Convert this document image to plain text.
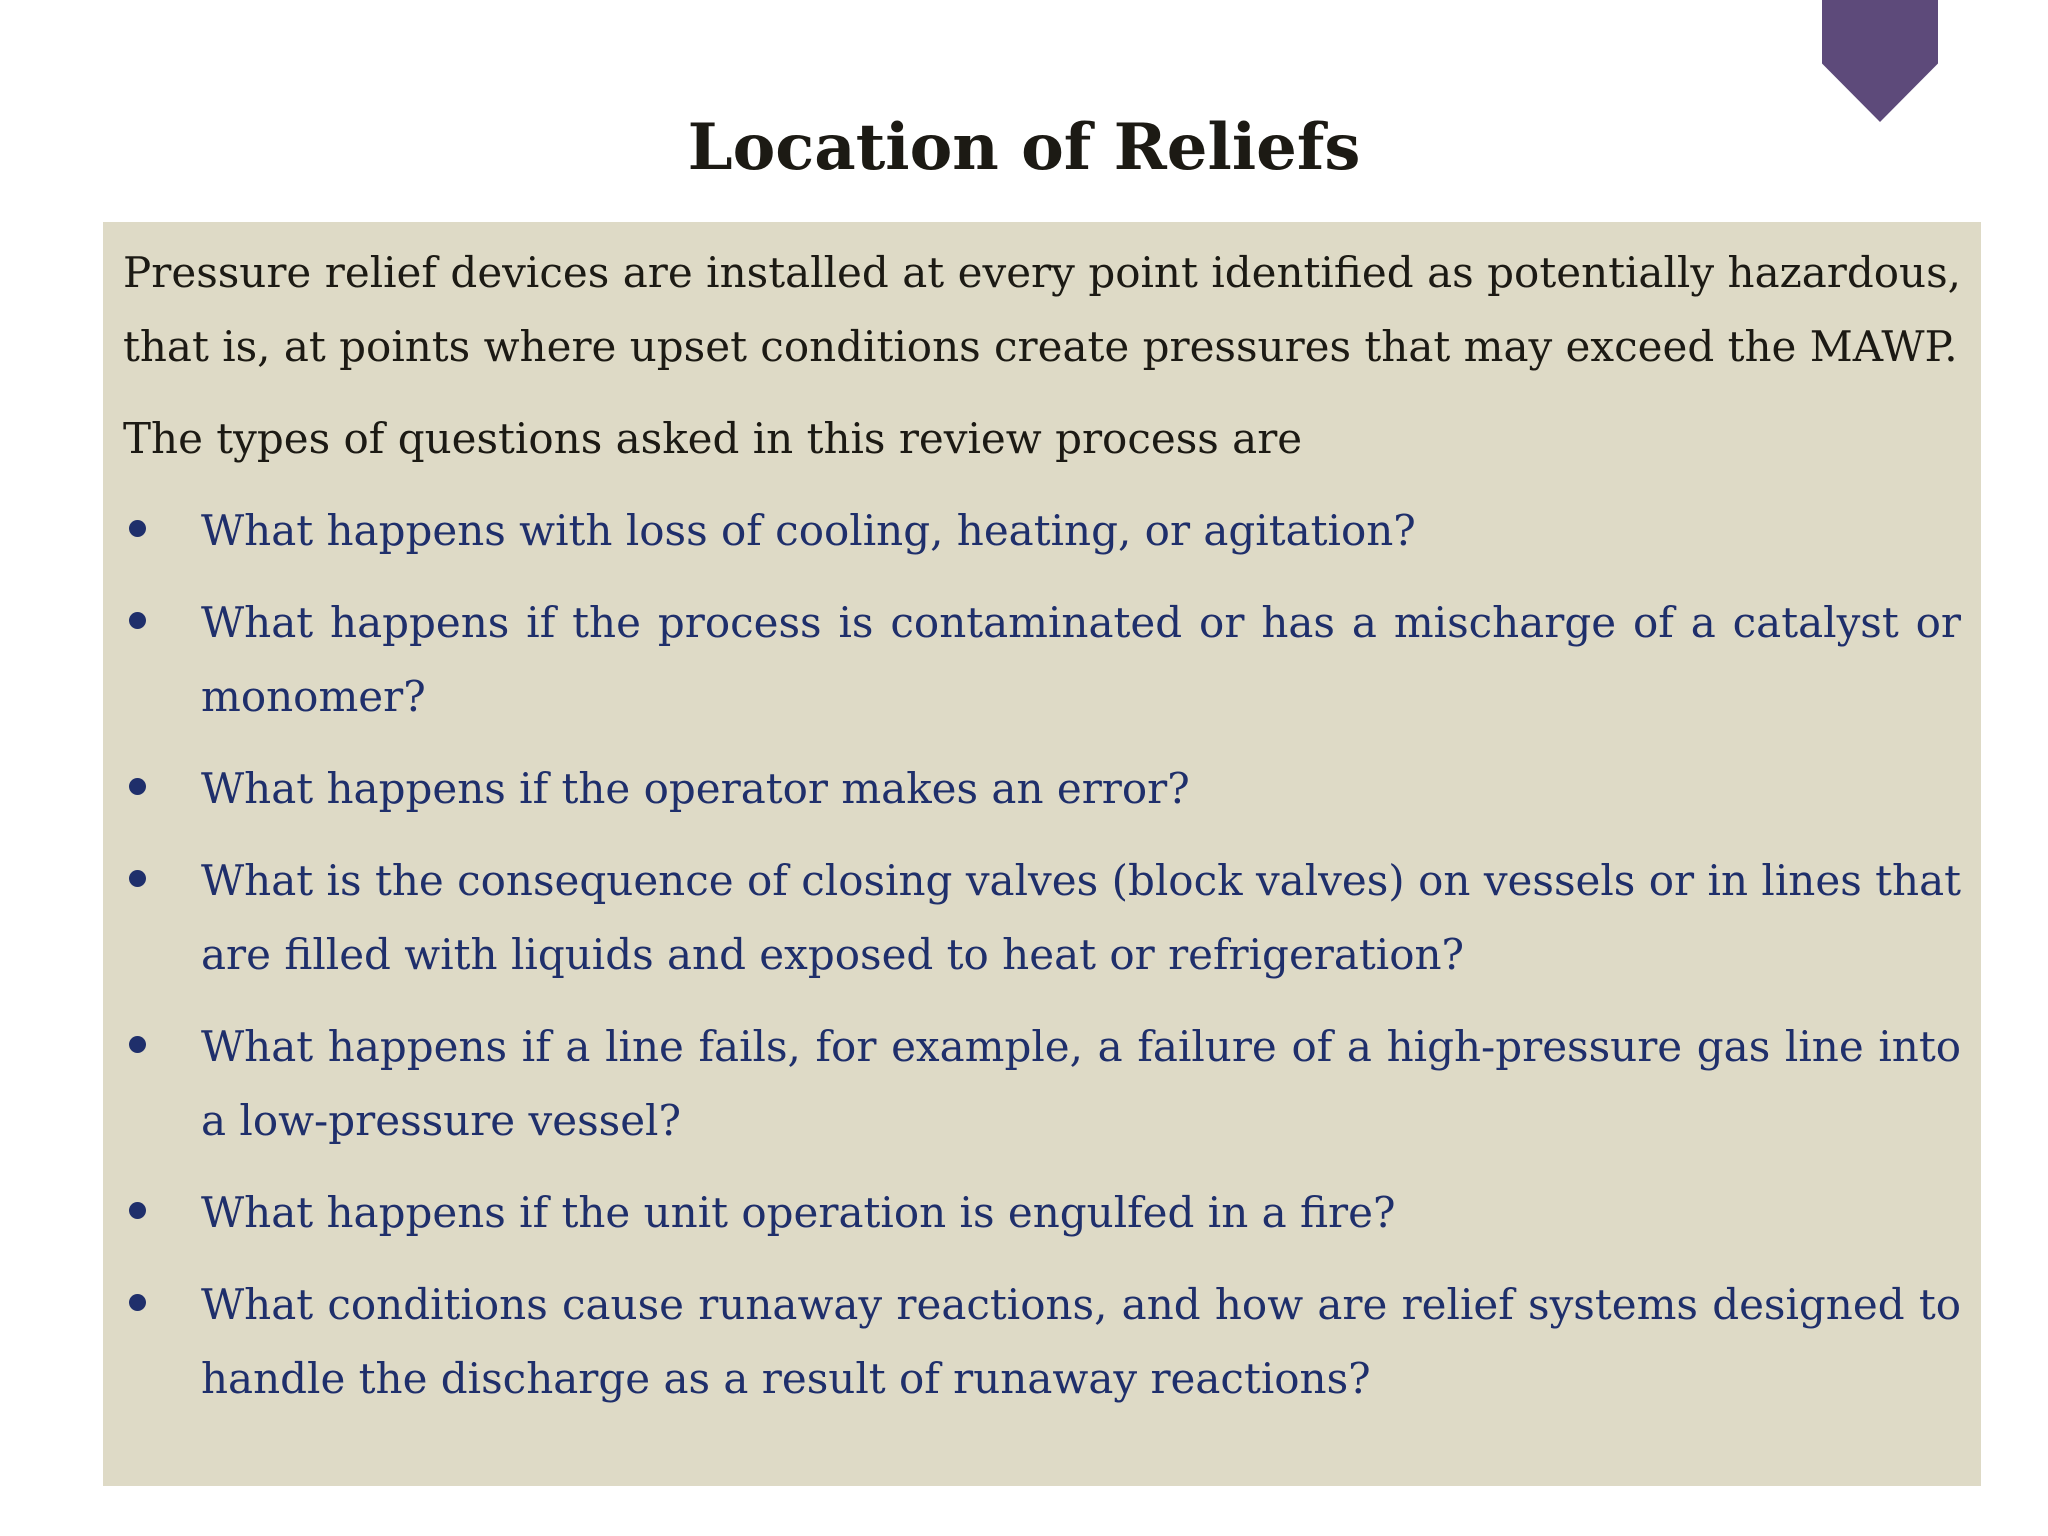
Location of Reliefs

Pressure relief devices are installed at every point identified as potentially hazardous, that is, at points where upset conditions create pressures that may exceed the MAWP.

The types of questions asked in this review process are

What happens with loss of cooling, heating, or agitation?
What happens if the process is contaminated or has a mischarge of a catalyst or monomer?
What happens if the operator makes an error?
What is the consequence of closing valves (block valves) on vessels or in lines that are filled with liquids and exposed to heat or refrigeration?
What happens if a line fails, for example, a failure of a high-pressure gas line into a low-pressure vessel?
What happens if the unit operation is engulfed in a fire?
What conditions cause runaway reactions, and how are relief systems designed to handle the discharge as a result of runaway reactions?
